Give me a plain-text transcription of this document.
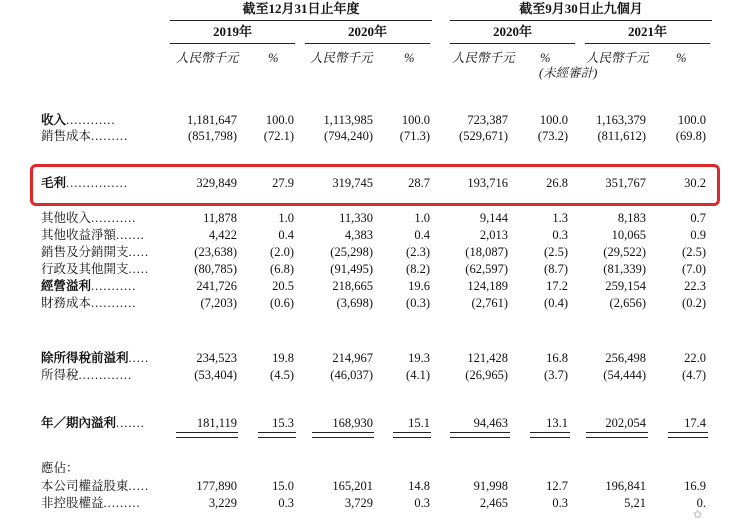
截至12月31日止年度	截至9月30日止九個月
2019年	2020年	2020年	2021年
人民幣千元 %	人民幣千元	%	人民幣千元 %	人民幣千元 %
(未經審計)
收入............	1,181,647	100.0	1,113,985	100.0	723,387	100.0	1,163,379	100.0
銷售成本.........	(851,798)	(72.1)	(794,240)	(71.3)	(529,671)	(73.2)	(811,612)	(69.8)
毛利...............	329,849	27.9	319,745	28.7	193,716	26.8	351,767	30.2
其他收入...........	11,878	1.0	11,330	1.0	9,144	1.3	8,183	0.7
其他收益淨額.......	4,422	0.4	4,383	0.4	2,013	0.3	10,065	0.9
銷售及分銷開支.....	(23,638)	(2.0)	(25,298)	(2.3)	(18,087)	(2.5)	(29,522)	(2.5)
行政及其他開支.....	(80,785)	(6.8)	(91,495)	(8.2)	(62,597)	(8.7)	(81,339)	(7.0)
經營溢利...........	241,726	20.5	218,665	19.6	124,189	17.2	259,154	22.3
財務成本...........	(7,203)	(0.6)	(3,698)	(0.3)	(2,761)	(0.4)	(2,656)	(0.2)
除所得稅前溢利.....	234,523	19.8	214,967	19.3	121,428	16.8	256,498	22.0
所得稅.............	(53,404)	(4.5)	(46,037)	(4.1)	(26,965)	(3.7)	(54,444)	(4.7)
年／期內溢利.......	181,119	15.3	168,930	15.1	94,463	13.1	202,054	17.4
應佔：
本公司權益股東.....	177,890	15.0	165,201	14.8	91,998	12.7	196,841	16.9
非控股權益.........	3,229	0.3	3,729	0.3	2,465	0.3	5,21	0.
✿
